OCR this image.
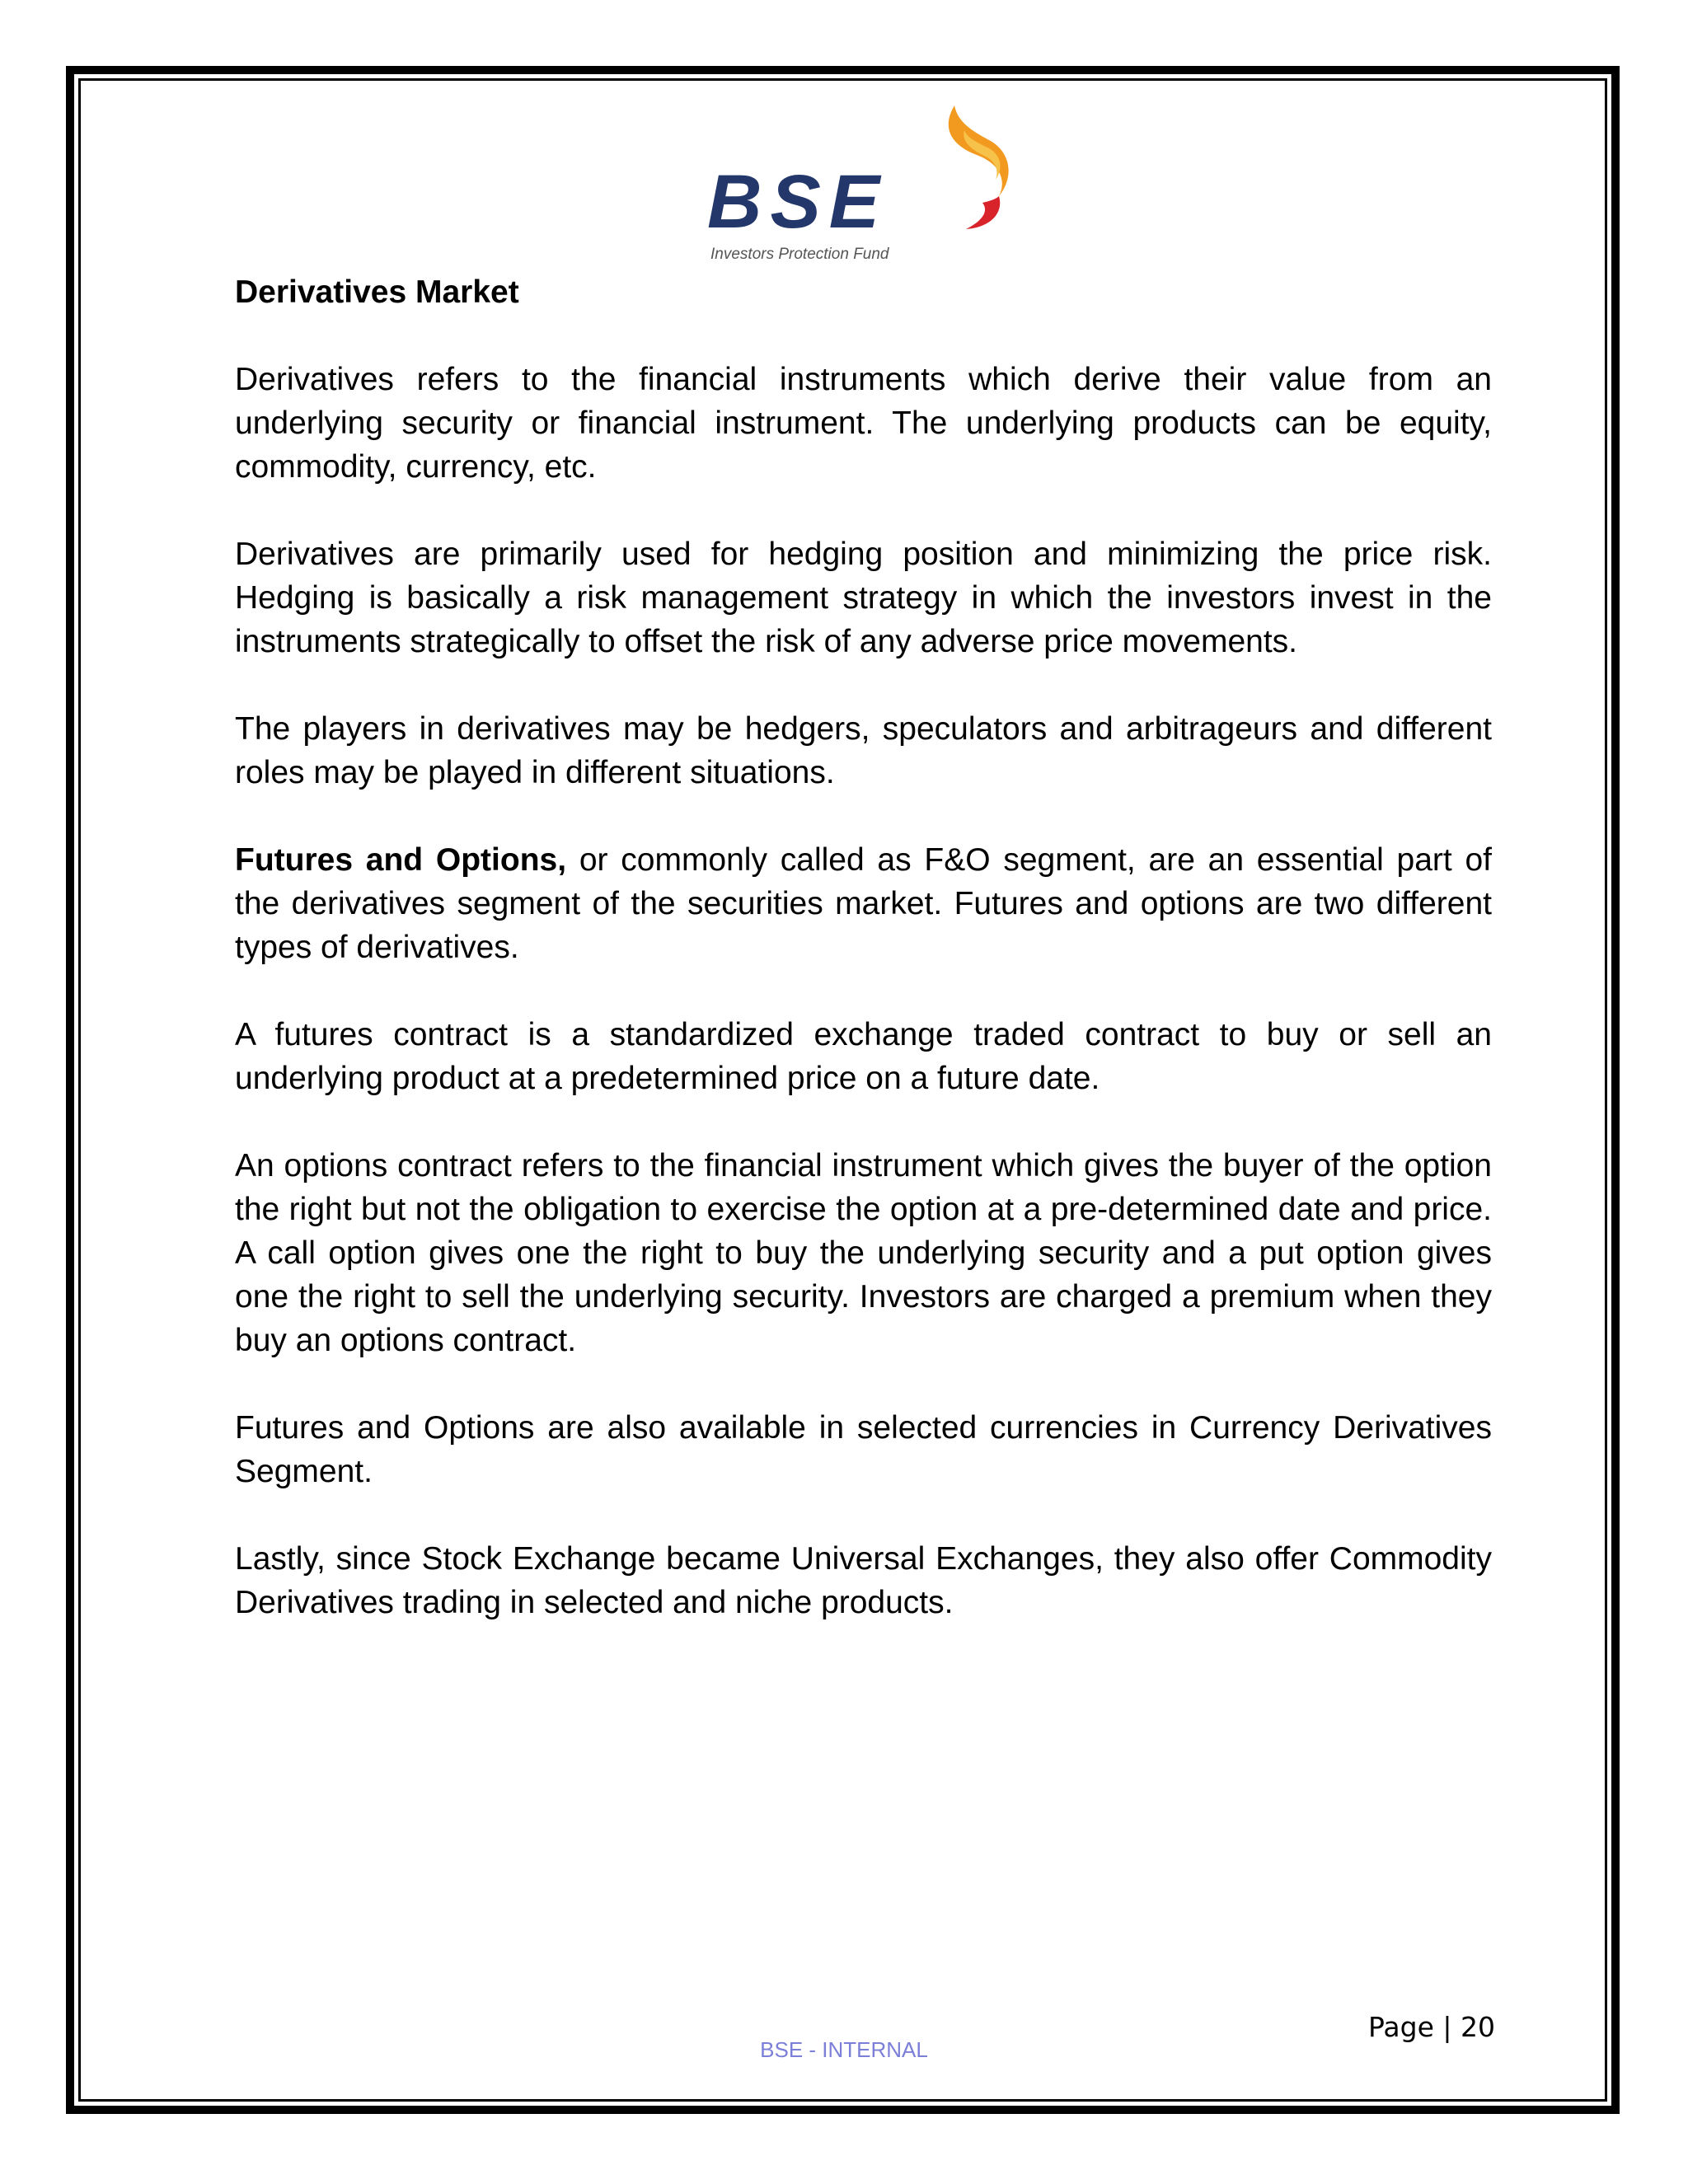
BSE
Investors Protection Fund
Derivatives Market

Derivatives refers to the financial instruments which derive their value from an underlying security or financial instrument. The underlying products can be equity, commodity, currency, etc.

Derivatives are primarily used for hedging position and minimizing the price risk. Hedging is basically a risk management strategy in which the investors invest in the instruments strategically to offset the risk of any adverse price movements.

The players in derivatives may be hedgers, speculators and arbitrageurs and different roles may be played in different situations.

Futures and Options, or commonly called as F&O segment, are an essential part of the derivatives segment of the securities market. Futures and options are two different types of derivatives.

A futures contract is a standardized exchange traded contract to buy or sell an underlying product at a predetermined price on a future date.

An options contract refers to the financial instrument which gives the buyer of the option the right but not the obligation to exercise the option at a pre-determined date and price. A call option gives one the right to buy the underlying security and a put option gives one the right to sell the underlying security. Investors are charged a premium when they buy an options contract.

Futures and Options are also available in selected currencies in Currency Derivatives Segment.

Lastly, since Stock Exchange became Universal Exchanges, they also offer Commodity Derivatives trading in selected and niche products.

Page | 20
BSE - INTERNAL
